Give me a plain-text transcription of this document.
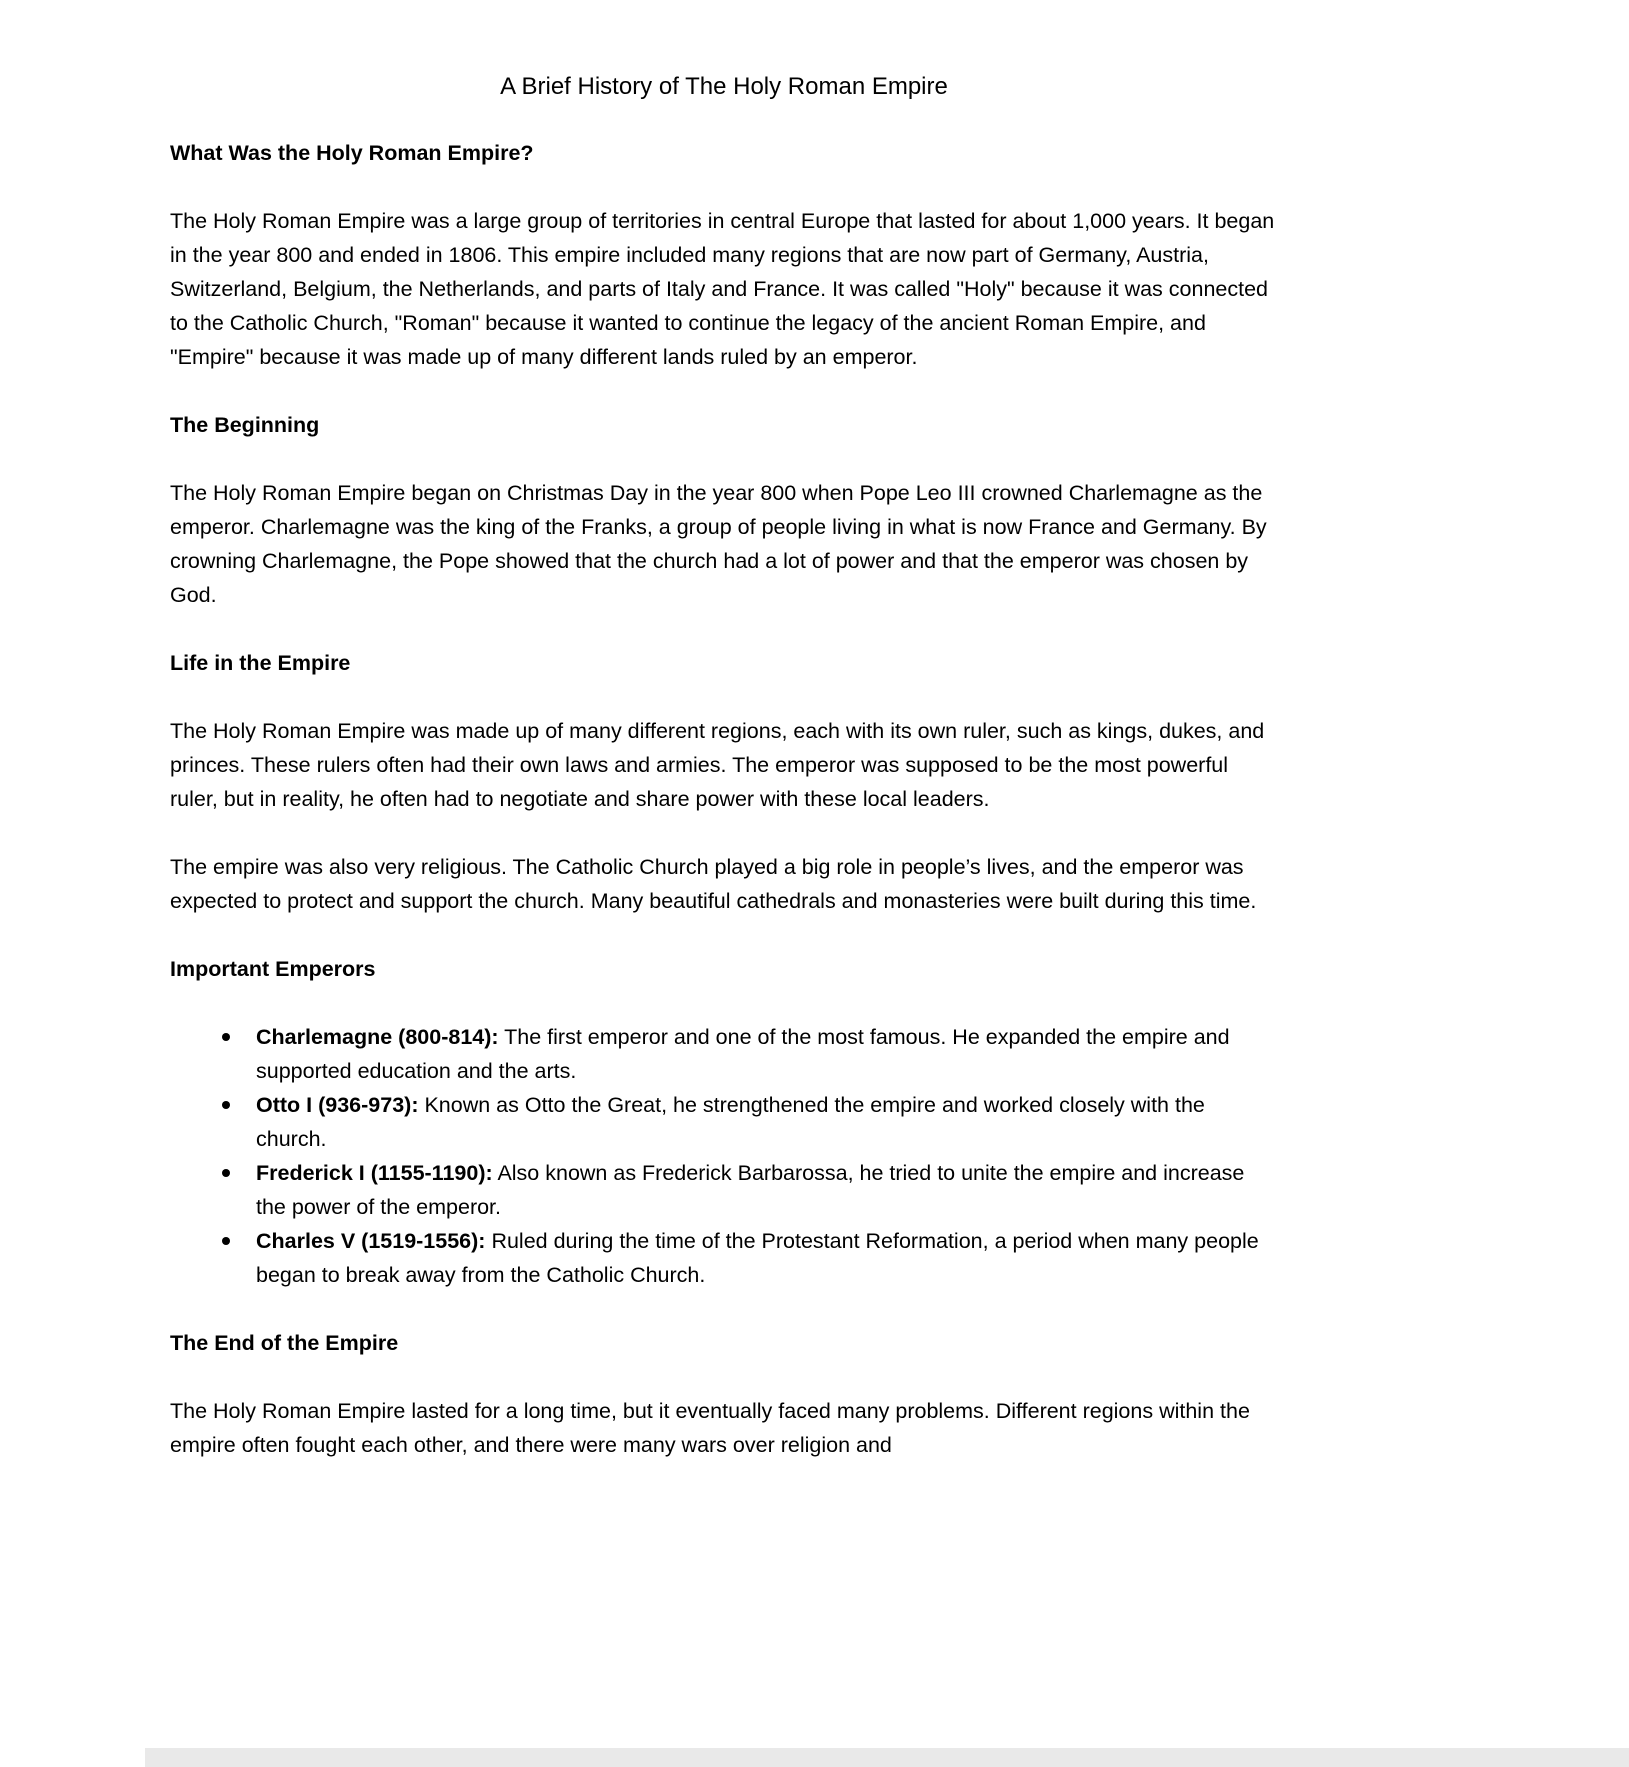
A Brief History of The Holy Roman Empire
What Was the Holy Roman Empire?

The Holy Roman Empire was a large group of territories in central Europe that lasted for about 1,000 years. It began in the year 800 and ended in 1806. This empire included many regions that are now part of Germany, Austria, Switzerland, Belgium, the Netherlands, and parts of Italy and France. It was called "Holy" because it was connected to the Catholic Church, "Roman" because it wanted to continue the legacy of the ancient Roman Empire, and "Empire" because it was made up of many different lands ruled by an emperor.

The Beginning

The Holy Roman Empire began on Christmas Day in the year 800 when Pope Leo III crowned Charlemagne as the emperor. Charlemagne was the king of the Franks, a group of people living in what is now France and Germany. By crowning Charlemagne, the Pope showed that the church had a lot of power and that the emperor was chosen by God.

Life in the Empire

The Holy Roman Empire was made up of many different regions, each with its own ruler, such as kings, dukes, and princes. These rulers often had their own laws and armies. The emperor was supposed to be the most powerful ruler, but in reality, he often had to negotiate and share power with these local leaders.

The empire was also very religious. The Catholic Church played a big role in people’s lives, and the emperor was expected to protect and support the church. Many beautiful cathedrals and monasteries were built during this time.

Important Emperors
Charlemagne (800-814): The first emperor and one of the most famous. He expanded the empire and supported education and the arts.
Otto I (936-973): Known as Otto the Great, he strengthened the empire and worked closely with the church.
Frederick I (1155-1190): Also known as Frederick Barbarossa, he tried to unite the empire and increase the power of the emperor.
Charles V (1519-1556): Ruled during the time of the Protestant Reformation, a period when many people began to break away from the Catholic Church.
The End of the Empire

The Holy Roman Empire lasted for a long time, but it eventually faced many problems. Different regions within the empire often fought each other, and there were many wars over religion and
